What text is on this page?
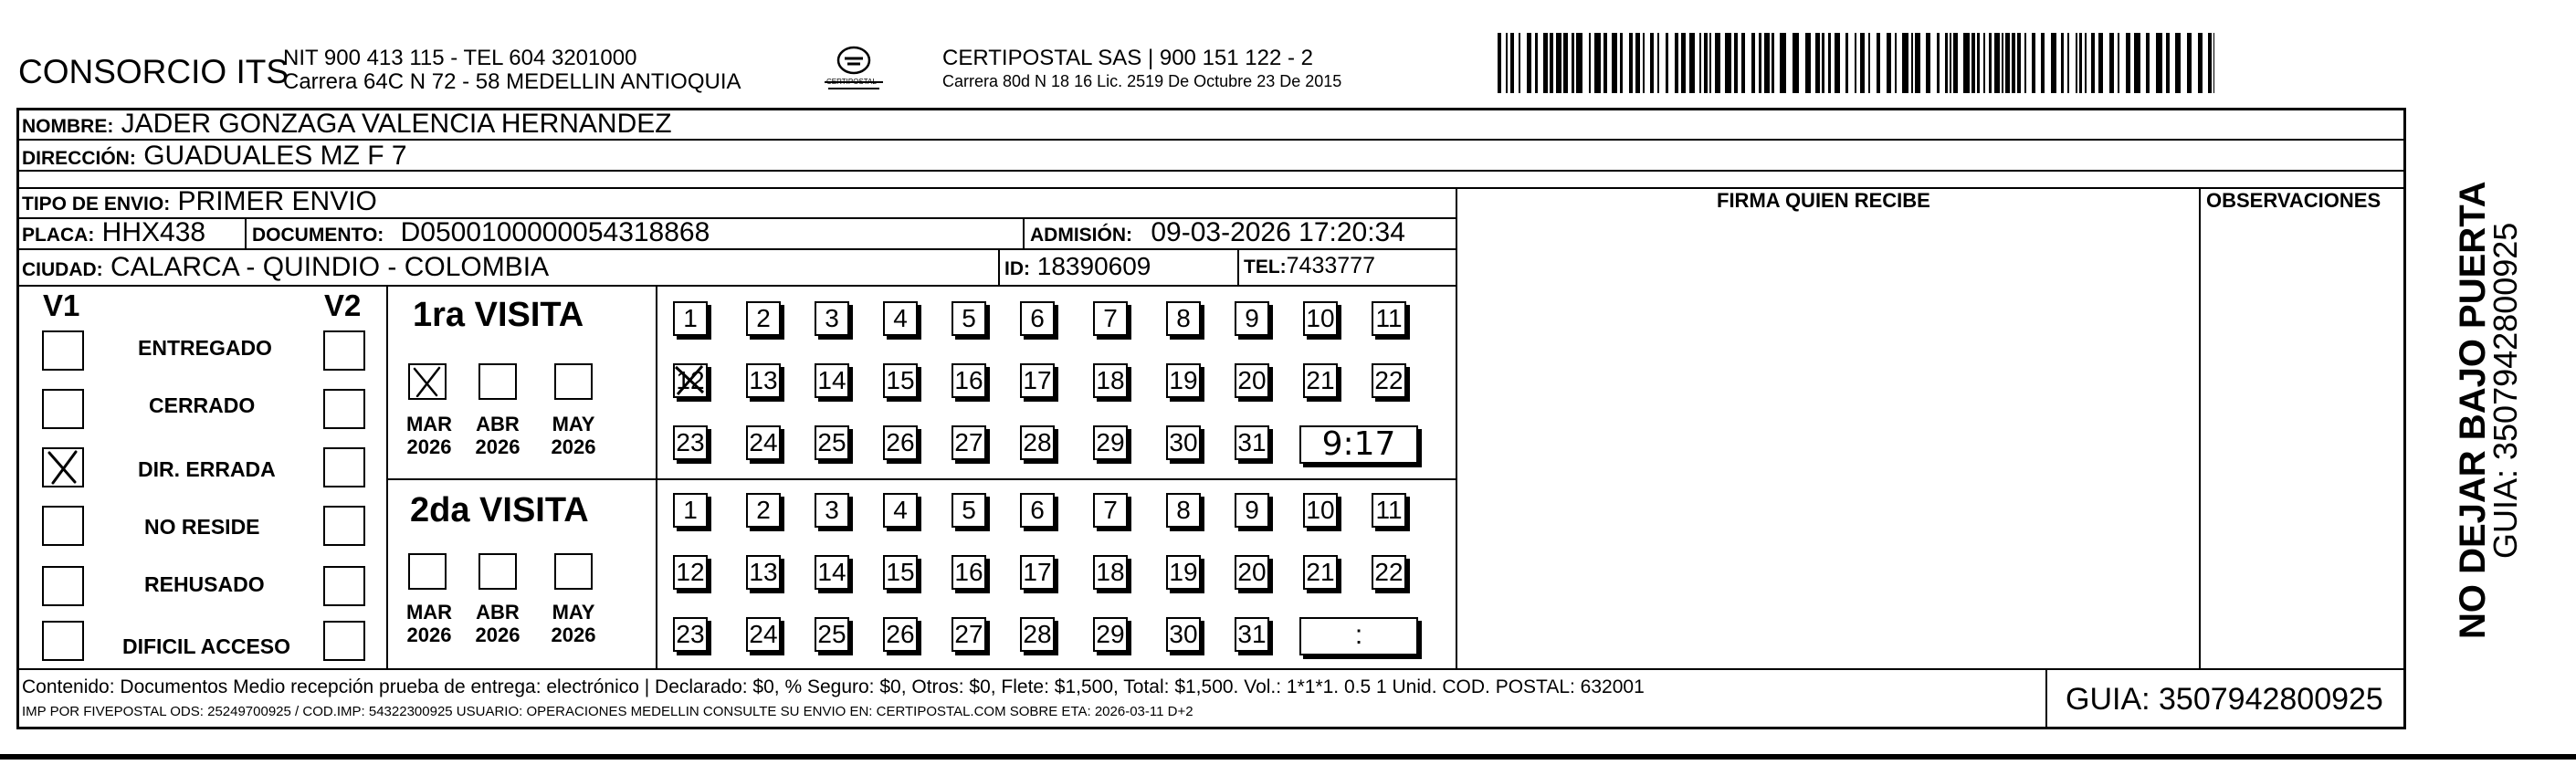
CONSORCIO ITS
NIT 900 413 115 - TEL 604 3201000
Carrera 64C N 72 - 58 MEDELLIN ANTIOQUIA	CERTIPOSTAL
CERTIPOSTAL SAS | 900 151 122 - 2
Carrera 80d N 18 16 Lic. 2519 De Octubre 23 De 2015
NOMBRE: JADER GONZAGA VALENCIA HERNANDEZ
DIRECCIÓN: GUADUALES MZ F 7
TIPO DE ENVIO: PRIMER ENVIO
PLACA: HHX438 DOCUMENTO: D0500100000054318868	ADMISIÓN: 09-03-2026 17:20:34
CIUDAD: CALARCA - QUINDIO - COLOMBIA	ID: 18390609	TEL:7433777
FIRMA QUIEN RECIBE	OBSERVACIONES
V1	V2
ENTREGADO
CERRADO
DIR. ERRADA
NO RESIDE
REHUSADO
DIFICIL ACCESO
1ra VISITA
MAR
2026
ABR
2026
MAY
2026
2da VISITA
MAR
2026
ABR
2026
MAY
2026
1	2	3	4	5	6	7	8	9	10 11
12 13 14 15 16 17 18 19 20 21 22
23 24 25 26 27 28 29 30 31
1	2	3	4	5	6	7	8	9	10 11
12 13 14 15 16 17 18 19 20 21 22
23 24 25 26 27 28 29 30 31
9:17
:
Contenido: Documentos Medio recepción prueba de entrega: electrónico | Declarado: $0, % Seguro: $0, Otros: $0, Flete: $1,500, Total: $1,500. Vol.: 1*1*1. 0.5 1 Unid. COD. POSTAL: 632001
IMP POR FIVEPOSTAL ODS: 25249700925 / COD.IMP: 54322300925 USUARIO: OPERACIONES MEDELLIN CONSULTE SU ENVIO EN: CERTIPOSTAL.COM SOBRE ETA: 2026-03-11 D+2	GUIA: 3507942800925
NO DEJAR BAJO PUERTA
GUIA: 3507942800925
